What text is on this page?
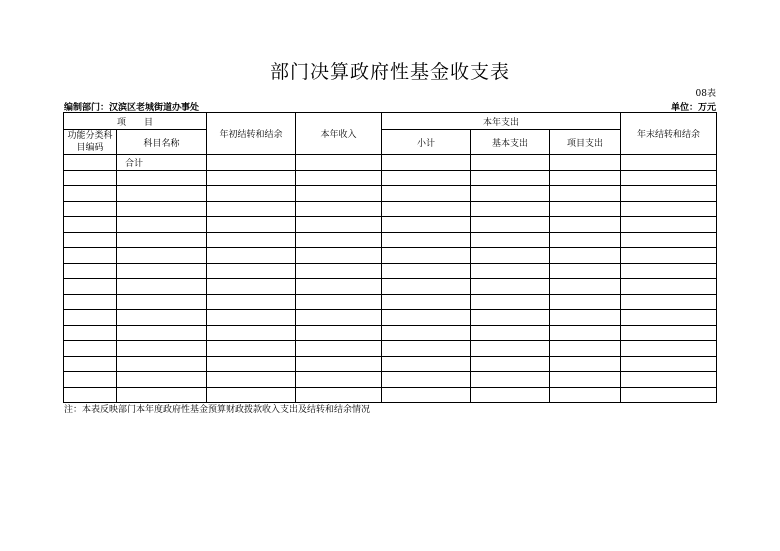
部门决算政府性基金收支表
08表
编制部门：汉滨区老城街道办事处	单位：万元
项　　目		年初结转和结余	本年收入	本年支出			年末结转和结余

功能分类科
目编码	科目名称			小计	基本支出	项目支出	
	合计						

注：本表反映部门本年度政府性基金预算财政拨款收入支出及结转和结余情况
